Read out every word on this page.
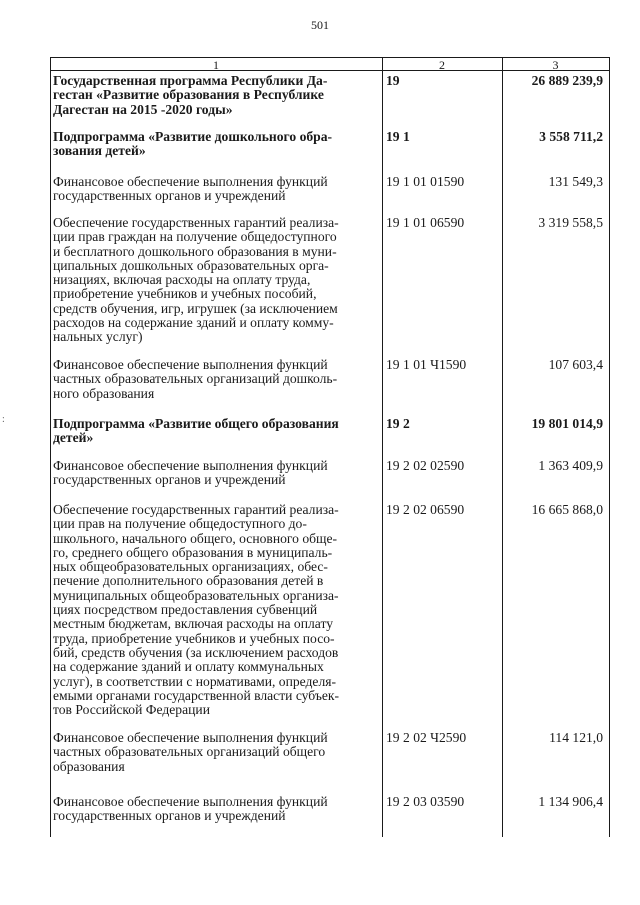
501
:
1	2	3
Государственная программа Республики Да-
гестан «Развитие образования в Республике
Дагестан на 2015 -2020 годы»
19	26 889 239,9
Подпрограмма «Развитие дошкольного обра-
зования детей»
19 1	3 558 711,2
Финансовое обеспечение выполнения функций
государственных органов и учреждений
19 1 01 01590	131 549,3
Обеспечение государственных гарантий реализа-
ции прав граждан на получение общедоступного
и бесплатного дошкольного образования в муни-
ципальных дошкольных образовательных орга-
низациях, включая расходы на оплату труда,
приобретение учебников и учебных пособий,
средств обучения, игр, игрушек (за исключением
расходов на содержание зданий и оплату комму-
нальных услуг)
19 1 01 06590	3 319 558,5
Финансовое обеспечение выполнения функций
частных образовательных организаций дошколь-
ного образования
19 1 01 Ч1590	107 603,4
Подпрограмма «Развитие общего образования
детей»
19 2	19 801 014,9
Финансовое обеспечение выполнения функций
государственных органов и учреждений
19 2 02 02590	1 363 409,9
Обеспечение государственных гарантий реализа-
ции прав на получение общедоступного до-
школьного, начального общего, основного обще-
го, среднего общего образования в муниципаль-
ных общеобразовательных организациях, обес-
печение дополнительного образования детей в
муниципальных общеобразовательных организа-
циях посредством предоставления субвенций
местным бюджетам, включая расходы на оплату
труда, приобретение учебников и учебных посо-
бий, средств обучения (за исключением расходов
на содержание зданий и оплату коммунальных
услуг), в соответствии с нормативами, определя-
емыми органами государственной власти субъек-
тов Российской Федерации
19 2 02 06590	16 665 868,0
Финансовое обеспечение выполнения функций
частных образовательных организаций общего
образования
19 2 02 Ч2590	114 121,0
Финансовое обеспечение выполнения функций
государственных органов и учреждений
19 2 03 03590	1 134 906,4
